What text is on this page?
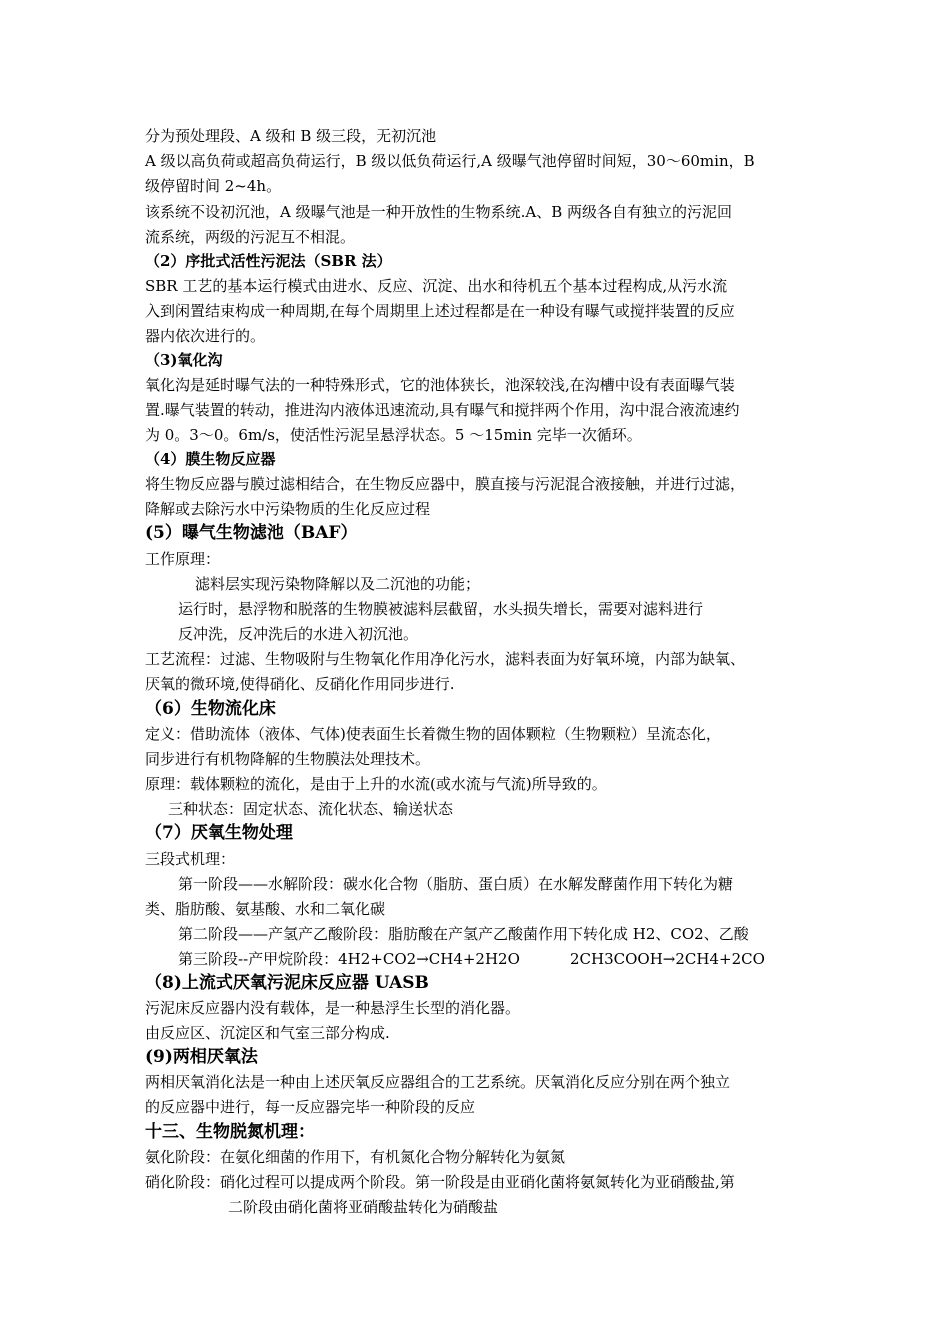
分为预处理段、A 级和 B 级三段，无初沉池
A 级以高负荷或超高负荷运行，B 级以低负荷运行,A 级曝气池停留时间短，30～60min，B
级停留时间 2~4h。
该系统不设初沉池，A 级曝气池是一种开放性的生物系统.A、B 两级各自有独立的污泥回
流系统，两级的污泥互不相混。
（2）序批式活性污泥法（SBR 法）
SBR 工艺的基本运行模式由进水、反应、沉淀、出水和待机五个基本过程构成,从污水流
入到闲置结束构成一种周期,在每个周期里上述过程都是在一种设有曝气或搅拌装置的反应
器内依次进行的。
（3)氧化沟
氧化沟是延时曝气法的一种特殊形式，它的池体狭长，池深较浅,在沟槽中设有表面曝气装
置.曝气装置的转动，推进沟内液体迅速流动,具有曝气和搅拌两个作用，沟中混合液流速约
为 0。3～0。6m/s，使活性污泥呈悬浮状态。5 ～15min 完毕一次循环。
（4）膜生物反应器
将生物反应器与膜过滤相结合，在生物反应器中，膜直接与污泥混合液接触，并进行过滤，
降解或去除污水中污染物质的生化反应过程
(5）曝气生物滤池（BAF）
工作原理：
滤料层实现污染物降解以及二沉池的功能；
运行时，悬浮物和脱落的生物膜被滤料层截留，水头损失增长，需要对滤料进行
反冲洗，反冲洗后的水进入初沉池。
工艺流程：过滤、生物吸附与生物氧化作用净化污水，滤料表面为好氧环境，内部为缺氧、
厌氧的微环境,使得硝化、反硝化作用同步进行.
（6）生物流化床
定义：借助流体（液体、气体)使表面生长着微生物的固体颗粒（生物颗粒）呈流态化，
同步进行有机物降解的生物膜法处理技术。
原理：载体颗粒的流化，是由于上升的水流(或水流与气流)所导致的。
三种状态：固定状态、流化状态、输送状态
（7）厌氧生物处理
三段式机理：
第一阶段——水解阶段：碳水化合物（脂肪、蛋白质）在水解发酵菌作用下转化为糖
类、脂肪酸、氨基酸、水和二氧化碳
第二阶段——产氢产乙酸阶段：脂肪酸在产氢产乙酸菌作用下转化成 H2、CO2、乙酸
第三阶段--产甲烷阶段：4H2+CO2→CH4+2H2O	2CH3COOH→2CH4+2CO
（8)上流式厌氧污泥床反应器 UASB
污泥床反应器内没有载体，是一种悬浮生长型的消化器。
由反应区、沉淀区和气室三部分构成.
(9)两相厌氧法
两相厌氧消化法是一种由上述厌氧反应器组合的工艺系统。厌氧消化反应分别在两个独立
的反应器中进行，每一反应器完毕一种阶段的反应
十三、生物脱氮机理：
氨化阶段：在氨化细菌的作用下，有机氮化合物分解转化为氨氮
硝化阶段：硝化过程可以提成两个阶段。第一阶段是由亚硝化菌将氨氮转化为亚硝酸盐,第
二阶段由硝化菌将亚硝酸盐转化为硝酸盐
